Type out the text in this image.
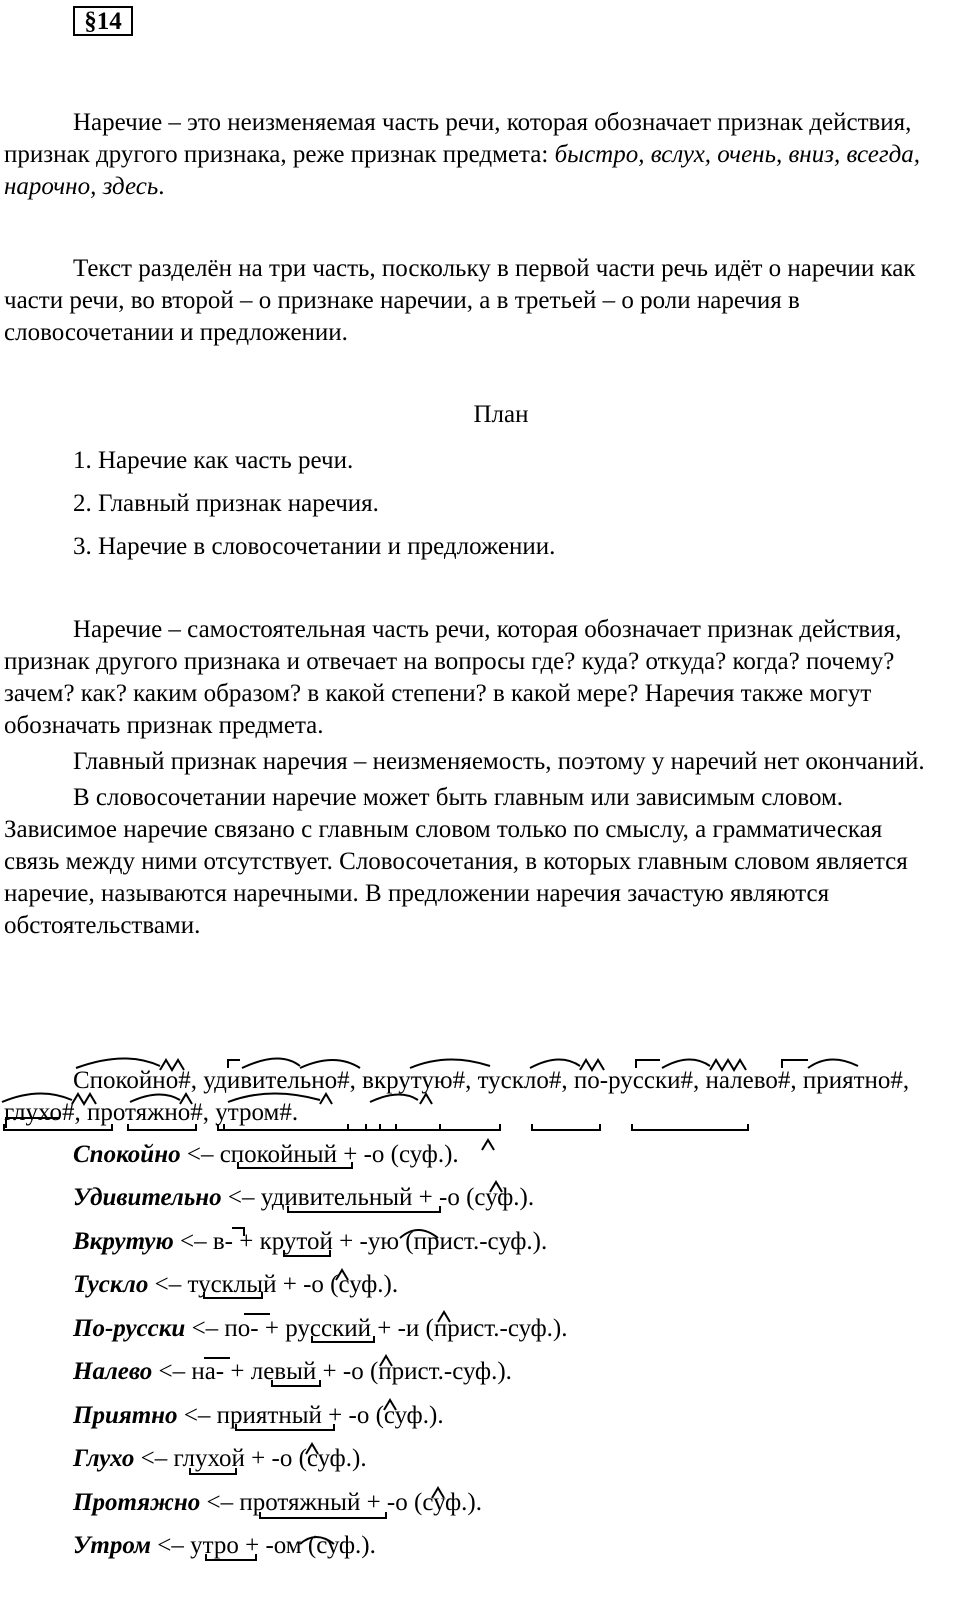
§14

Наречие – это неизменяемая часть речи, которая обозначает признак действия, признак другого признака, реже признак предмета: быстро, вслух, очень, вниз, всегда, нарочно, здесь.

Текст разделён на три часть, поскольку в первой части речь идёт о наречии как части речи, во второй – о признаке наречии, а в третьей – о роли наречия в словосочетании и предложении.

План
1. Наречие как часть речи.
2. Главный признак наречия.
3. Наречие в словосочетании и предложении.

Наречие – самостоятельная часть речи, которая обозначает признак действия, признак другого признака и отвечает на вопросы где? куда? откуда? когда? почему? зачем? как? каким образом? в какой степени? в какой мере? Наречия также могут обозначать признак предмета.

Главный признак наречия – неизменяемость, поэтому у наречий нет окончаний.

В словосочетании наречие может быть главным или зависимым словом. Зависимое наречие связано с главным словом только по смыслу, а грамматическая связь между ними отсутствует. Словосочетания, в которых главным словом является наречие, называются наречными. В предложении наречия зачастую являются обстоятельствами.

Спокойно#, удивительно#, вкрутую#, тускло#, по-русски#, налево#, приятно#, глухо#, протяжно#, утром#.

Спокойно <– спокойный + -о (суф.).
Удивительно <– удивительный + -о (суф.).
Вкрутую <– в- + крутой + -ую (прист.-суф.).
Тускло <– тусклый + -о (суф.).
По-русски <– по- + русский + -и (прист.-суф.).
Налево <– на- + левый + -о (прист.-суф.).
Приятно <– приятный + -о (суф.).
Глухо <– глухой + -о (суф.).
Протяжно <– протяжный + -о (суф.).
Утром <– утро + -ом (суф.).
